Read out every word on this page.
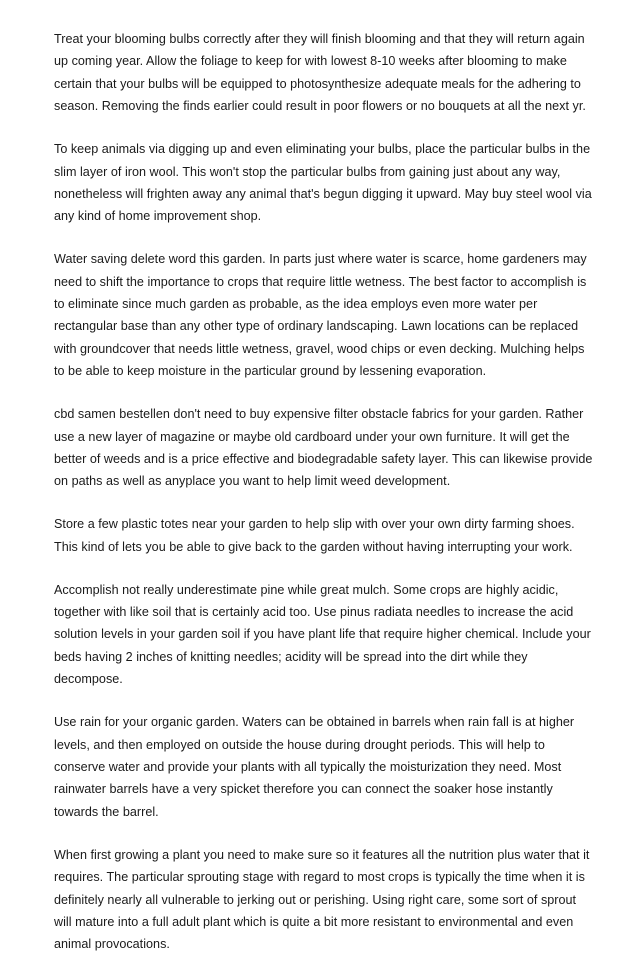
Treat your blooming bulbs correctly after they will finish blooming and that they will return again up coming year. Allow the foliage to keep for with lowest 8-10 weeks after blooming to make certain that your bulbs will be equipped to photosynthesize adequate meals for the adhering to season. Removing the finds earlier could result in poor flowers or no bouquets at all the next yr.

To keep animals via digging up and even eliminating your bulbs, place the particular bulbs in the slim layer of iron wool. This won't stop the particular bulbs from gaining just about any way, nonetheless will frighten away any animal that's begun digging it upward. May buy steel wool via any kind of home improvement shop.

Water saving delete word this garden. In parts just where water is scarce, home gardeners may need to shift the importance to crops that require little wetness. The best factor to accomplish is to eliminate since much garden as probable, as the idea employs even more water per rectangular base than any other type of ordinary landscaping. Lawn locations can be replaced with groundcover that needs little wetness, gravel, wood chips or even decking. Mulching helps to be able to keep moisture in the particular ground by lessening evaporation.

cbd samen bestellen don't need to buy expensive filter obstacle fabrics for your garden. Rather use a new layer of magazine or maybe old cardboard under your own furniture. It will get the better of weeds and is a price effective and biodegradable safety layer. This can likewise provide on paths as well as anyplace you want to help limit weed development.

Store a few plastic totes near your garden to help slip with over your own dirty farming shoes. This kind of lets you be able to give back to the garden without having interrupting your work.

Accomplish not really underestimate pine while great mulch. Some crops are highly acidic, together with like soil that is certainly acid too. Use pinus radiata needles to increase the acid solution levels in your garden soil if you have plant life that require higher chemical. Include your beds having 2 inches of knitting needles; acidity will be spread into the dirt while they decompose.

Use rain for your organic garden. Waters can be obtained in barrels when rain fall is at higher levels, and then employed on outside the house during drought periods. This will help to conserve water and provide your plants with all typically the moisturization they need. Most rainwater barrels have a very spicket therefore you can connect the soaker hose instantly towards the barrel.

When first growing a plant you need to make sure so it features all the nutrition plus water that it requires. The particular sprouting stage with regard to most crops is typically the time when it is definitely nearly all vulnerable to jerking out or perishing. Using right care, some sort of sprout will mature into a full adult plant which is quite a bit more resistant to environmental and even animal provocations.
